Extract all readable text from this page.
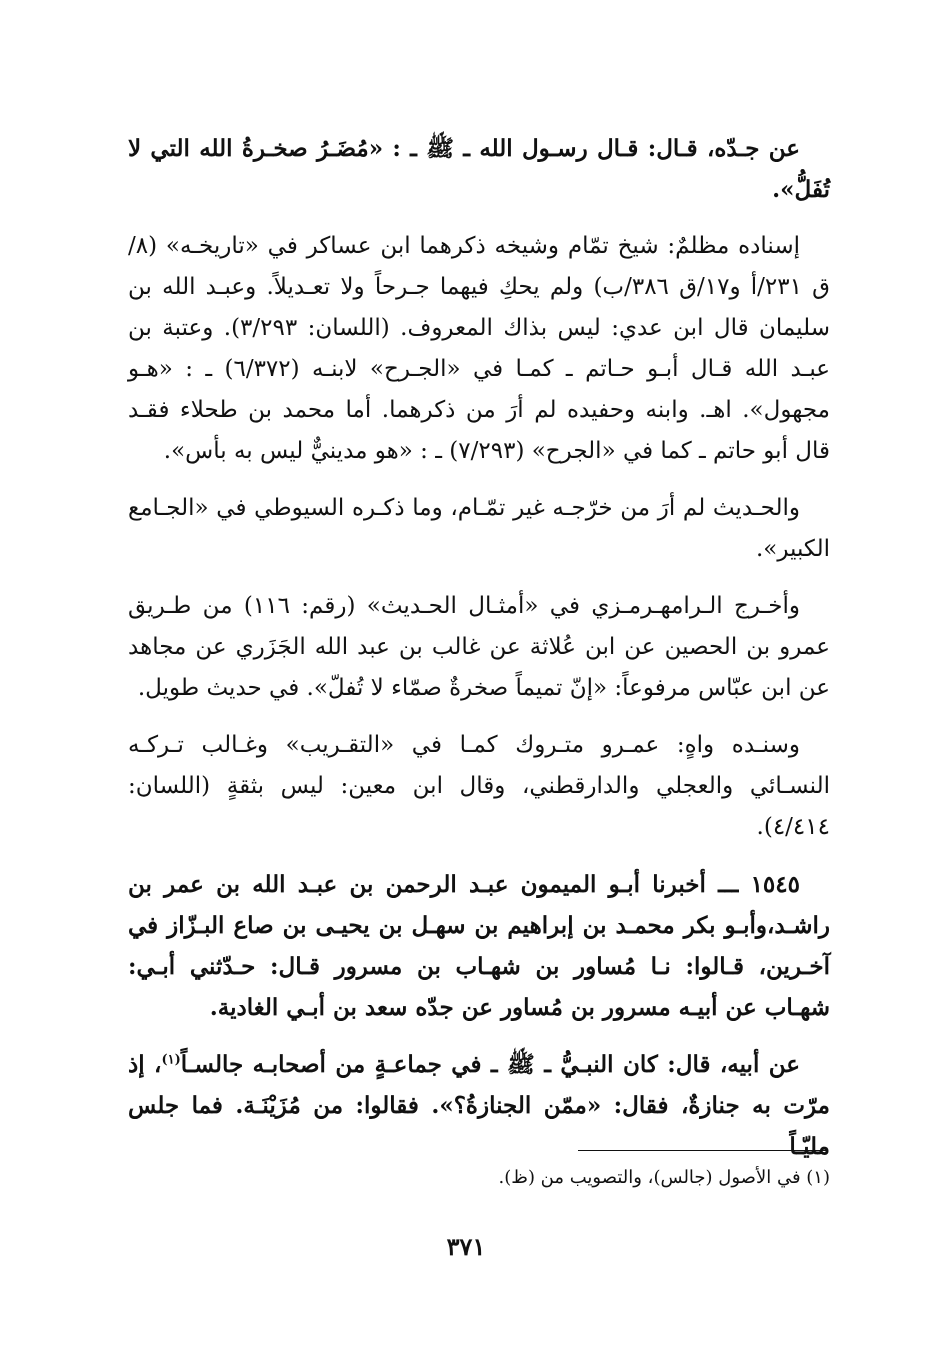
عن جـدّه، قـال: قـال رسـول الله ـ ﷺ ـ : «مُضَـرُ صخـرةُ الله التي لا تُفَلُّ».

إسناده مظلمٌ: شيخ تمّام وشيخه ذكرهما ابن عساكر في «تاريخـه» (٨/ق ٢٣١/أ و١٧/ق ٣٨٦/ب) ولم يحكِ فيهما جـرحاً ولا تعـديلاً. وعبـد الله بن سليمان قال ابن عدي: ليس بذاك المعروف. (اللسان: ٣/٢٩٣). وعتبة بن عبـد الله قـال أبـو حـاتم ـ كمـا في «الجـرح» لابنـه (٦/٣٧٢) ـ : «هـو مجهول». اهـ. وابنه وحفيده لم أرَ من ذكرهما. أما محمد بن طحلاء فقـد قال أبو حاتم ـ كما في «الجرح» (٧/٢٩٣) ـ : «هو مدينيٌّ ليس به بأس».

والحـديث لم أرَ من خرّجـه غير تمّـام، وما ذكـره السيوطي في «الجـامع الكبير».

وأخـرج الـرامهـرمـزي في «أمثـال الحـديث» (رقم: ١١٦) من طـريق عمرو بن الحصين عن ابن عُلاثة عن غالب بن عبد الله الجَزَري عن مجاهد عن ابن عبّاس مرفوعاً: «إنّ تميماً صخرةٌ صمّاء لا تُفلّ». في حديث طويل.

وسنـده واهٍ: عمـرو متـروك كمـا في «التقـريب» وغـالب تـركـه النسـائي والعجلي والدارقطني، وقال ابن معين: ليس بثقةٍ (اللسان: ٤/٤١٤).

١٥٤٥ ـــ أخبرنا أبـو الميمون عبـد الرحمن بن عبـد الله بن عمر بن راشـد،وأبـو بكر محمـد بن إبراهيم بن سهـل بن يحيـى بن صاع البـزّاز في آخـرين، قـالوا: نـا مُساور بن شهـاب بن مسرور قـال: حـدّثني أبـي: شهـاب عن أبيـه مسرور بن مُساور عن جدّه سعد بن أبـي الغادية.

عن أبيه، قال: كان النبـيُّ ـ ﷺ ـ في جماعـةٍ من أصحابـه جالسـاً$^{(١)}$، إذ مرّت به جنازةٌ، فقال: «ممّن الجنازةُ؟». فقالوا: من مُزَيْنَـة. فما جلس مليّـاً

(١) في الأصول (جالس)، والتصويب من (ظ).
٣٧١
